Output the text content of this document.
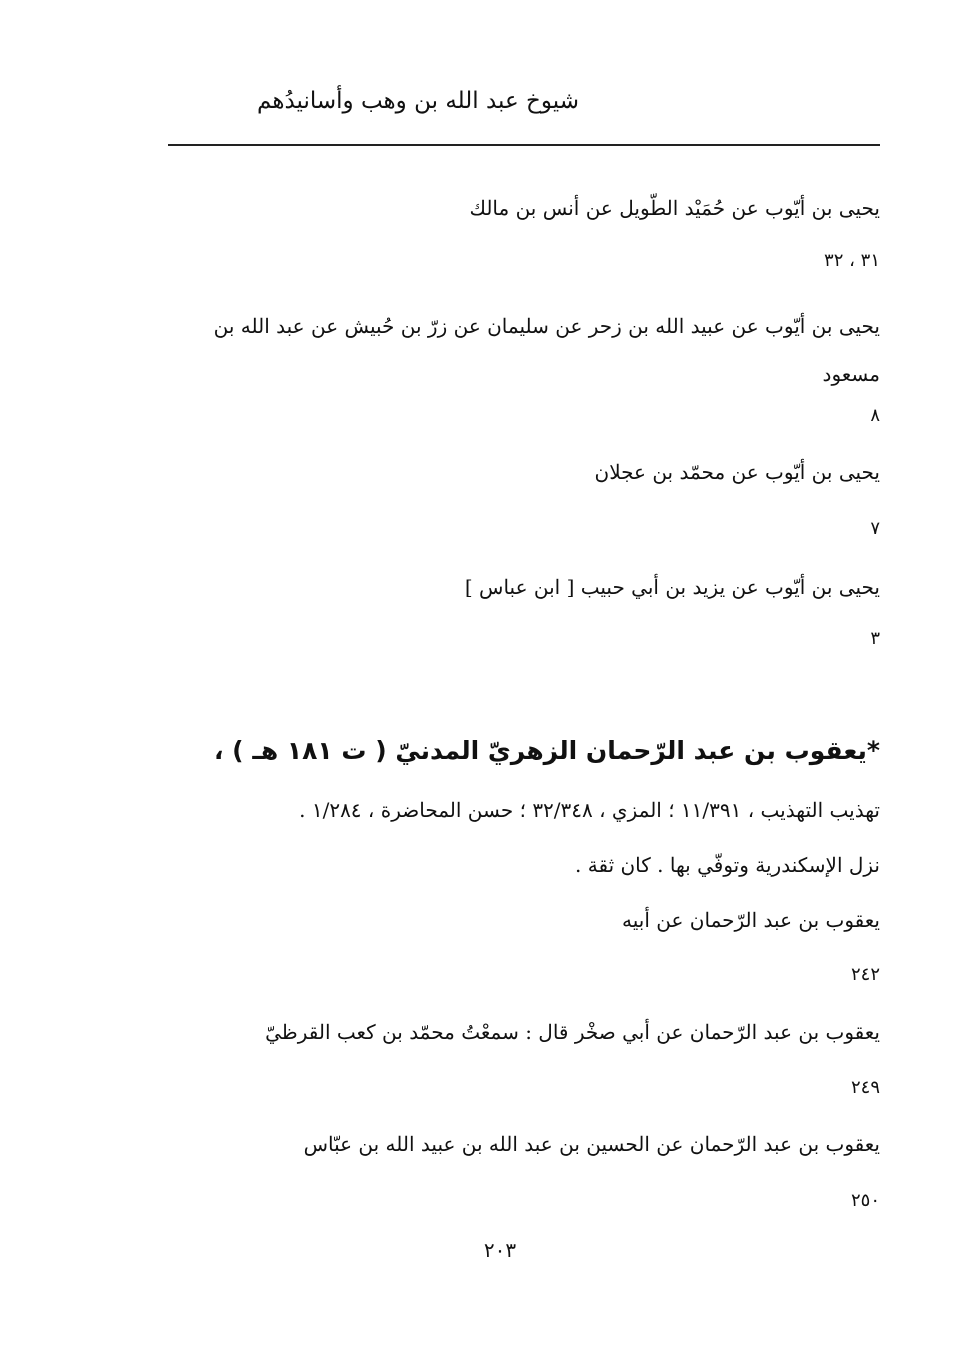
شيوخ عبد الله بن وهب وأسانيدُهم
يحيى بن أيّوب عن حُمَيْد الطّويل عن أنس بن مالك
٣١ ، ٣٢
يحيى بن أيّوب عن عبيد الله بن زحر عن سليمان عن زرّ بن حُبيش عن عبد الله بن مسعود
٨
يحيى بن أيّوب عن محمّد بن عجلان
٧
يحيى بن أيّوب عن يزيد بن أبي حبيب [ ابن عباس ]
٣
*يعقوب بن عبد الرّحمان الزهريّ المدنيّ ( ت ١٨١ هـ ) ،
تهذيب التهذيب ، ١١/٣٩١ ؛ المزي ، ٣٢/٣٤٨ ؛ حسن المحاضرة ، ١/٢٨٤ .
نزل الإسكندرية وتوفّي بها . كان ثقة .
يعقوب بن عبد الرّحمان عن أبيه
٢٤٢
يعقوب بن عبد الرّحمان عن أبي صخْر قال : سمعْتُ محمّد بن كعب القرظيّ
٢٤٩
يعقوب بن عبد الرّحمان عن الحسين بن عبد الله بن عبيد الله بن عبّاس
٢٥٠
٢٠٣
